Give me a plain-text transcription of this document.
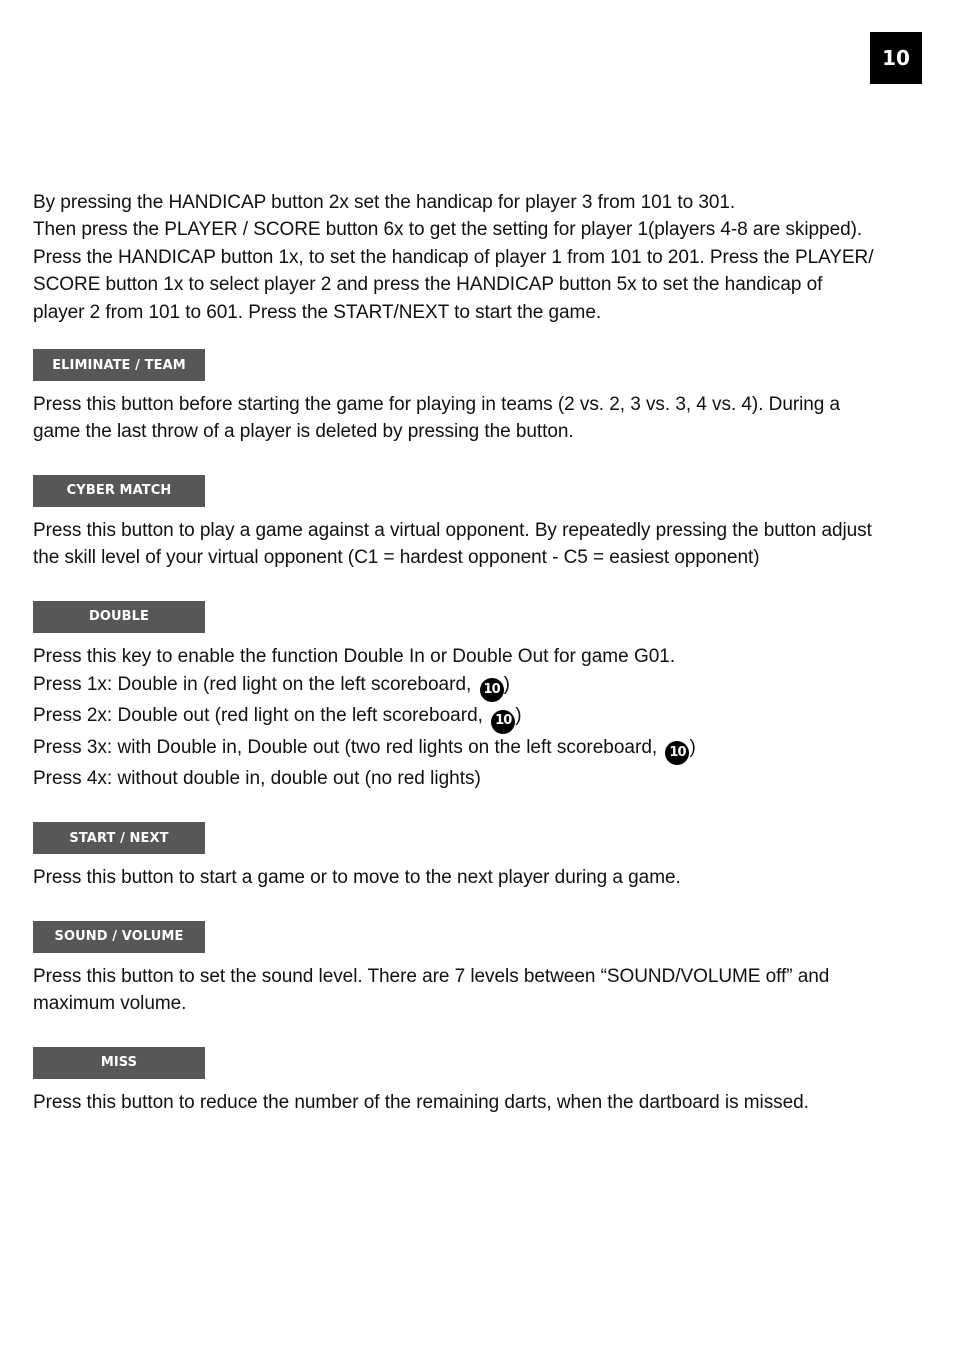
10
By pressing the HANDICAP button 2x set the handicap for player 3 from 101 to 301.
Then press the PLAYER / SCORE button 6x to get the setting for player 1(players 4-8 are skipped).
Press the HANDICAP button 1x, to set the handicap of player 1 from 101 to 201. Press the PLAYER/
SCORE button 1x to select player 2 and press the HANDICAP button 5x to set the handicap of
player 2 from 101 to 601. Press the START/NEXT to start the game.
ELIMINATE / TEAM
Press this button before starting the game for playing in teams (2 vs. 2, 3 vs. 3, 4 vs. 4). During a
game the last throw of a player is deleted by pressing the button.
CYBER MATCH
Press this button to play a game against a virtual opponent. By repeatedly pressing the button adjust
the skill level of your virtual opponent (C1 = hardest opponent - C5 = easiest opponent)
DOUBLE
Press this key to enable the function Double In or Double Out for game G01.
Press 1x: Double in (red light on the left scoreboard, 10 )
Press 2x: Double out (red light on the left scoreboard, 10 )
Press 3x: with Double in, Double out (two red lights on the left scoreboard, 10 )
Press 4x: without double in, double out (no red lights)
START / NEXT
Press this button to start a game or to move to the next player during a game.
SOUND / VOLUME
Press this button to set the sound level. There are 7 levels between “SOUND/VOLUME off” and
maximum volume.
MISS
Press this button to reduce the number of the remaining darts, when the dartboard is missed.
